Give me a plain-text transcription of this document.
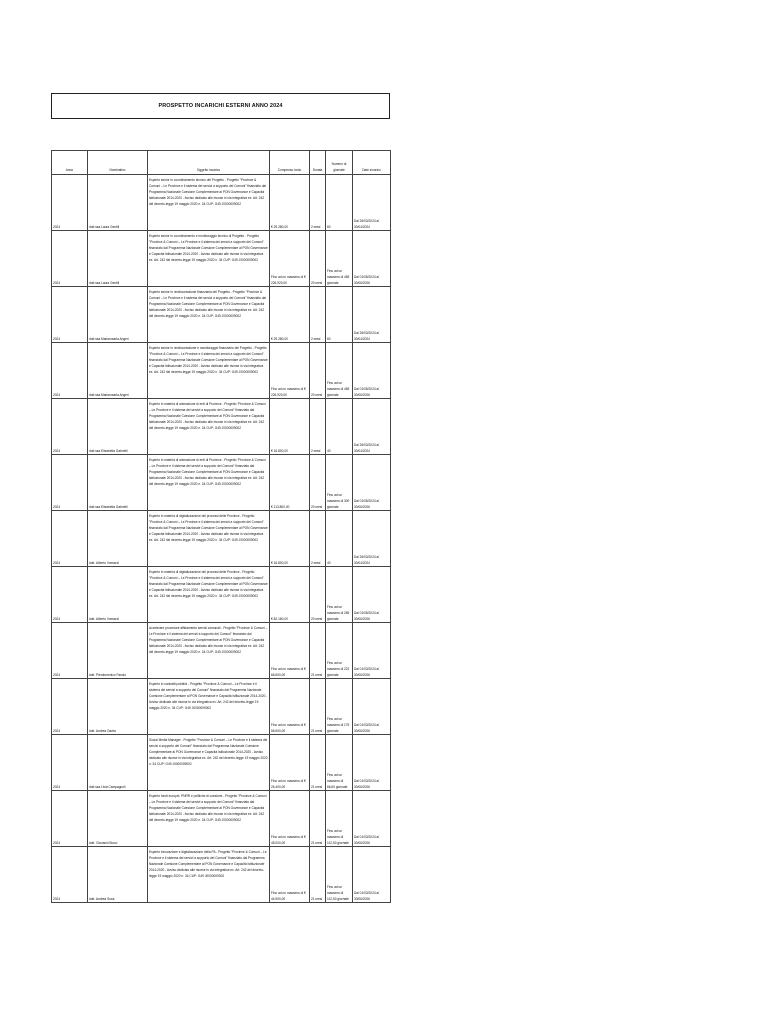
PROSPETTO INCARICHI ESTERNI ANNO 2024
Anno	Nominativo	Oggetto incarico	Compenso lordo	Durata	Numero di giornate	Date incarico
2024	dott.ssa Laura Gentili	Esperto senior in coordinamento tecnico del Progetto - Progetto "Province & Comuni – Le Province e il sistema dei servizi a supporto dei Comuni" finanziato dal Programma Nazionale Coesione Complementare al PON Governance e Capacità Istituzionale 2014-2020 - Avviso dedicato alle risorse in via integrativa ex. Art. 242 del decreto-legge 19 maggio 2020 n. 34 CUP: G49 J0000009002	€ 29.280,00	2 mesi	60	Dal 26/03/2024 al 30/04/2024
2024	dott.ssa Laura Gentili	Esperto senior in coordinamento e monitoraggio tecnico di Progetto - Progetto "Province & Comuni – Le Province e il sistema dei servizi a supporto dei Comuni" finanziato dal Programma Nazionale Coesione Complementare al PON Governance e Capacità Istituzionale 2014-2020 - Avviso dedicato alle risorse in via integrativa ex. Art. 242 del decreto-legge 19 maggio 2020 n. 34 CUP: G49 J0000009002	Fino ad un massimo di € 226.920,00	20 mesi	Fino ad un massimo di 465 giornate	Dal 01/05/2024 al 30/06/2026
2024	dott.ssa Mariarosaria Angeri	Esperto senior in rendicontazione finanziaria del Progetto - Progetto "Province & Comuni – Le Province e il sistema dei servizi a supporto dei Comuni" finanziato dal Programma Nazionale Coesione Complementare al PON Governance e Capacità Istituzionale 2014-2020 - Avviso dedicato alle risorse in via integrativa ex. Art. 242 del decreto-legge 19 maggio 2020 n. 34 CUP: G49 J0000009002	€ 29.280,00	2 mesi	60	Dal 26/03/2024 al 30/04/2024
2024	dott.ssa Mariarosaria Angeri	Esperto senior in rendicontazione e monitoraggio finanziario del Progetto - Progetto "Province & Comuni – Le Province e il sistema dei servizi a supporto dei Comuni" finanziato dal Programma Nazionale Coesione Complementare al PON Governance e Capacità Istituzionale 2014-2020 - Avviso dedicato alle risorse in via integrativa ex. Art. 242 del decreto-legge 19 maggio 2020 n. 34 CUP: G49 J0000009002	Fino ad un massimo di € 226.920,00	20 mesi	Fino ad un massimo di 465 giornate	Dal 01/05/2024 al 30/06/2026
2024	dott.ssa Elisabetta Gabrielli	Esperto in materia di animazione di enti di Province - Progetto "Province & Comuni – Le Province e il sistema dei servizi a supporto dei Comuni" finanziato dal Programma Nazionale Coesione Complementare al PON Governance e Capacità Istituzionale 2014-2020 - Avviso dedicato alle risorse in via integrativa ex. Art. 242 del decreto-legge 19 maggio 2020 n. 34 CUP: G49 J0000009002	€ 16.800,00	2 mesi	40	Dal 26/03/2024 al 30/04/2024
2024	dott.ssa Elisabetta Gabrielli	Esperto in materia di animazione di enti di Province - Progetto "Province & Comuni – Le Province e il sistema dei servizi a supporto dei Comuni" finanziato dal Programma Nazionale Coesione Complementare al PON Governance e Capacità Istituzionale 2014-2020 - Avviso dedicato alle risorse in via integrativa ex. Art. 242 del decreto-legge 19 maggio 2020 n. 34 CUP: G49 J0000009002	€ 113.800,00	20 mesi	Fino ad un massimo di 300 giornate	Dal 01/05/2024 al 30/06/2026
2024	dott. Alberto Vomazzi	Esperto in materia di digitalizzazione dei processi delle Province - Progetto "Province & Comuni – Le Province e il sistema dei servizi a supporto dei Comuni" finanziato dal Programma Nazionale Coesione Complementare al PON Governance e Capacità Istituzionale 2014-2020 - Avviso dedicato alle risorse in via integrativa ex. Art. 242 del decreto-legge 19 maggio 2020 n. 34 CUP: G49 J0000009002	€ 16.800,00	2 mesi	40	Dal 26/03/2024 al 30/04/2024
2024	dott. Alberto Vomazzi	Esperto in materia di digitalizzazione dei processi delle Province - Progetto "Province & Comuni – Le Province e il sistema dei servizi a supporto dei Comuni" finanziato dal Programma Nazionale Coesione Complementare al PON Governance e Capacità Istituzionale 2014-2020 - Avviso dedicato alle risorse in via integrativa ex. Art. 242 del decreto-legge 19 maggio 2020 n. 34 CUP: G49 J0000009002	€ 82.160,00	20 mesi	Fino ad un massimo di 265 giornate	Dal 01/05/2024 al 30/06/2026
2024	dott. Pierdomenico Fasolo	Accelerare procedure affidamento servizi comunali - Progetto "Province & Comuni – Le Province e il sistema dei servizi a supporto dei Comuni" finanziato dal Programma Nazionale Coesione Complementare al PON Governance e Capacità Istituzionale 2014-2020 - Avviso dedicato alle risorse in via integrativa ex. Art. 242 del decreto-legge 19 maggio 2020 n. 34 CUP: G49 J0000009002	Fino ad un massimo di € 66.600,00	21 mesi	Fino ad un massimo di 222 giornate	Dal 01/03/2024 al 30/06/2026
2024	dott. Andrea Gaeta	Esperto in contratti pubblici - Progetto "Province & Comuni – Le Province e il sistema dei servizi a supporto dei Comuni" finanziato dal Programma Nazionale Coesione Complementare al PON Governance e Capacità Istituzionale 2014-2020 - Avviso dedicato alle risorse in via integrativa ex. Art. 242 del decreto-legge 19 maggio 2020 n. 34 CUP: G49 J0000009002	Fino ad un massimo di € 56.600,00	21 mesi	Fino ad un massimo di 175 giornate	Dal 01/03/2024 al 30/06/2026
2024	dott.ssa Livia Campagnoli	Social Media Manager - Progetto "Province & Comuni – Le Province e il sistema dei servizi a supporto dei Comuni" finanziato dal Programma Nazionale Coesione Complementare al PON Governance e Capacità Istituzionale 2014-2020 - Avviso dedicato alle risorse in via integrativa ex. Art. 242 del decreto-legge 19 maggio 2020 n. 34 CUP: G49 J0000009002	Fino ad un massimo di € 26.400,00	21 mesi	Fino ad un massimo di 66,60 giornate	Dal 01/03/2024 al 30/06/2026
2024	dott. Giovanni Bucci	Esperto fondi europei, PNRR e politiche di coesione - Progetto "Province & Comuni – Le Province e il sistema dei servizi a supporto dei Comuni" finanziato dal Programma Nazionale Coesione Complementare al PON Governance e Capacità Istituzionale 2014-2020 - Avviso dedicato alle risorse in via integrativa ex. Art. 242 del decreto-legge 19 maggio 2020 n. 34 CUP: G49 J0000009002	Fino ad un massimo di € 45.000,00	21 mesi	Fino ad un massimo di 112,50 giornate	Dal 01/03/2024 al 30/06/2026
2024	dott. Andrea Susa	Esperto innovazione e digitalizzazione della PA - Progetto "Province & Comuni – Le Province e il sistema dei servizi a supporto dei Comuni" finanziato dal Programma Nazionale Coesione Complementare al PON Governance e Capacità Istituzionale 2014-2020 - Avviso dedicato alle risorse in via integrativa ex. Art. 242 del decreto-legge 19 maggio 2020 n. 34 CUP: G49 J0000009002	Fino ad un massimo di € 44.900,00	21 mesi	Fino ad un massimo di 112,50 giornate	Dal 01/03/2024 al 30/06/2026
